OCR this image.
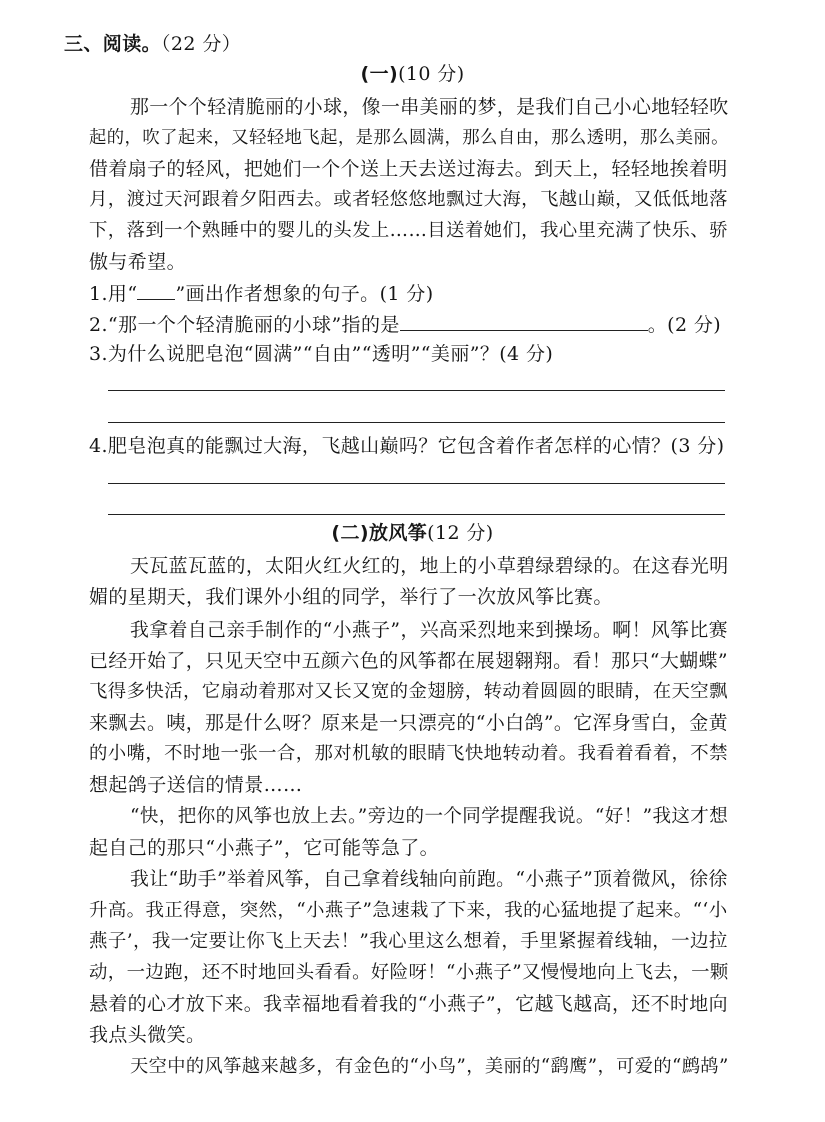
三、阅读。（22 分）
(一)(10 分)
那一个个轻清脆丽的小球，像一串美丽的梦，是我们自己小心地轻轻吹
起的，吹了起来，又轻轻地飞起，是那么圆满，那么自由，那么透明，那么美丽。
借着扇子的轻风，把她们一个个送上天去送过海去。到天上，轻轻地挨着明
月，渡过天河跟着夕阳西去。或者轻悠悠地飘过大海，飞越山巅，又低低地落
下，落到一个熟睡中的婴儿的头发上……目送着她们，我心里充满了快乐、骄
傲与希望。
1.用“ ”画出作者想象的句子。(1 分)
2.“那一个个轻清脆丽的小球”指的是	。(2 分)
3.为什么说肥皂泡“圆满”“自由”“透明”“美丽”？(4 分)
4.肥皂泡真的能飘过大海，飞越山巅吗？它包含着作者怎样的心情？(3 分)
(二)放风筝(12 分)
天瓦蓝瓦蓝的，太阳火红火红的，地上的小草碧绿碧绿的。在这春光明
媚的星期天，我们课外小组的同学，举行了一次放风筝比赛。
我拿着自己亲手制作的“小燕子”，兴高采烈地来到操场。啊！风筝比赛
已经开始了，只见天空中五颜六色的风筝都在展翅翱翔。看！那只“大蝴蝶”
飞得多快活，它扇动着那对又长又宽的金翅膀，转动着圆圆的眼睛，在天空飘
来飘去。咦，那是什么呀？原来是一只漂亮的“小白鸽”。它浑身雪白，金黄
的小嘴，不时地一张一合，那对机敏的眼睛飞快地转动着。我看着看着，不禁
想起鸽子送信的情景……
“快，把你的风筝也放上去。”旁边的一个同学提醒我说。“好！”我这才想
起自己的那只“小燕子”，它可能等急了。
我让“助手”举着风筝，自己拿着线轴向前跑。“小燕子”顶着微风，徐徐
升高。我正得意，突然，“小燕子”急速栽了下来，我的心猛地提了起来。“‘小
燕子’，我一定要让你飞上天去！”我心里这么想着，手里紧握着线轴，一边拉
动，一边跑，还不时地回头看看。好险呀！“小燕子”又慢慢地向上飞去，一颗
悬着的心才放下来。我幸福地看着我的“小燕子”，它越飞越高，还不时地向
我点头微笑。
天空中的风筝越来越多，有金色的“小鸟”，美丽的“鹞鹰”，可爱的“鹧鸪”
